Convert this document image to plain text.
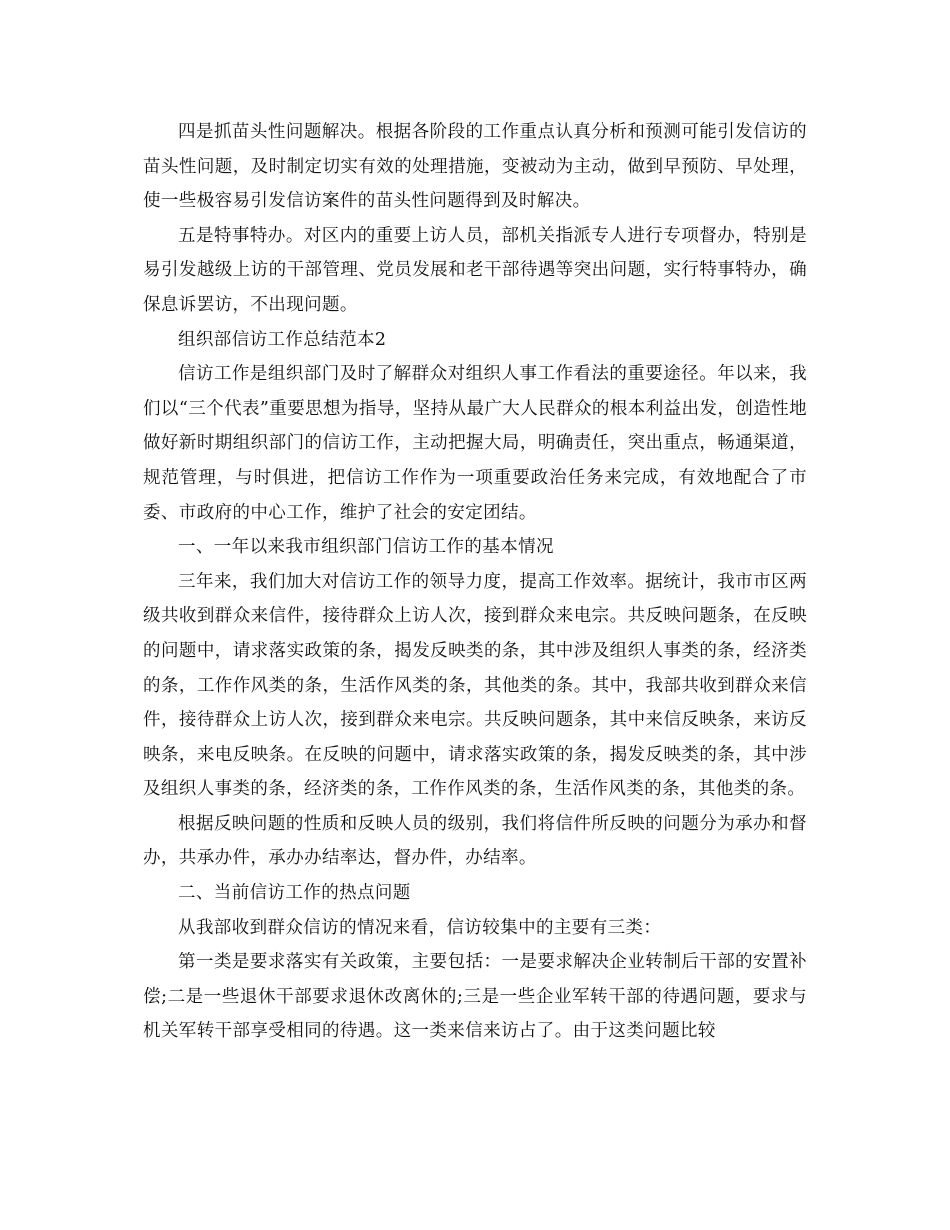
四是抓苗头性问题解决。根据各阶段的工作重点认真分析和预测可能引发信访的苗头性问题，及时制定切实有效的处理措施，变被动为主动，做到早预防、早处理，使一些极容易引发信访案件的苗头性问题得到及时解决。

五是特事特办。对区内的重要上访人员，部机关指派专人进行专项督办，特别是易引发越级上访的干部管理、党员发展和老干部待遇等突出问题，实行特事特办，确保息诉罢访，不出现问题。

组织部信访工作总结范本2

信访工作是组织部门及时了解群众对组织人事工作看法的重要途径。年以来，我们以“三个代表”重要思想为指导，坚持从最广大人民群众的根本利益出发，创造性地做好新时期组织部门的信访工作，主动把握大局，明确责任，突出重点，畅通渠道，规范管理，与时俱进，把信访工作作为一项重要政治任务来完成，有效地配合了市委、市政府的中心工作，维护了社会的安定团结。

一、一年以来我市组织部门信访工作的基本情况

三年来，我们加大对信访工作的领导力度，提高工作效率。据统计，我市市区两级共收到群众来信件，接待群众上访人次，接到群众来电宗。共反映问题条，在反映的问题中，请求落实政策的条，揭发反映类的条，其中涉及组织人事类的条，经济类的条，工作作风类的条，生活作风类的条，其他类的条。其中，我部共收到群众来信件，接待群众上访人次，接到群众来电宗。共反映问题条，其中来信反映条，来访反映条，来电反映条。在反映的问题中，请求落实政策的条，揭发反映类的条，其中涉及组织人事类的条，经济类的条，工作作风类的条，生活作风类的条，其他类的条。

根据反映问题的性质和反映人员的级别，我们将信件所反映的问题分为承办和督办，共承办件，承办办结率达，督办件，办结率。

二、当前信访工作的热点问题

从我部收到群众信访的情况来看，信访较集中的主要有三类：

第一类是要求落实有关政策，主要包括：一是要求解决企业转制后干部的安置补偿;二是一些退休干部要求退休改离休的;三是一些企业军转干部的待遇问题，要求与机关军转干部享受相同的待遇。这一类来信来访占了。由于这类问题比较
